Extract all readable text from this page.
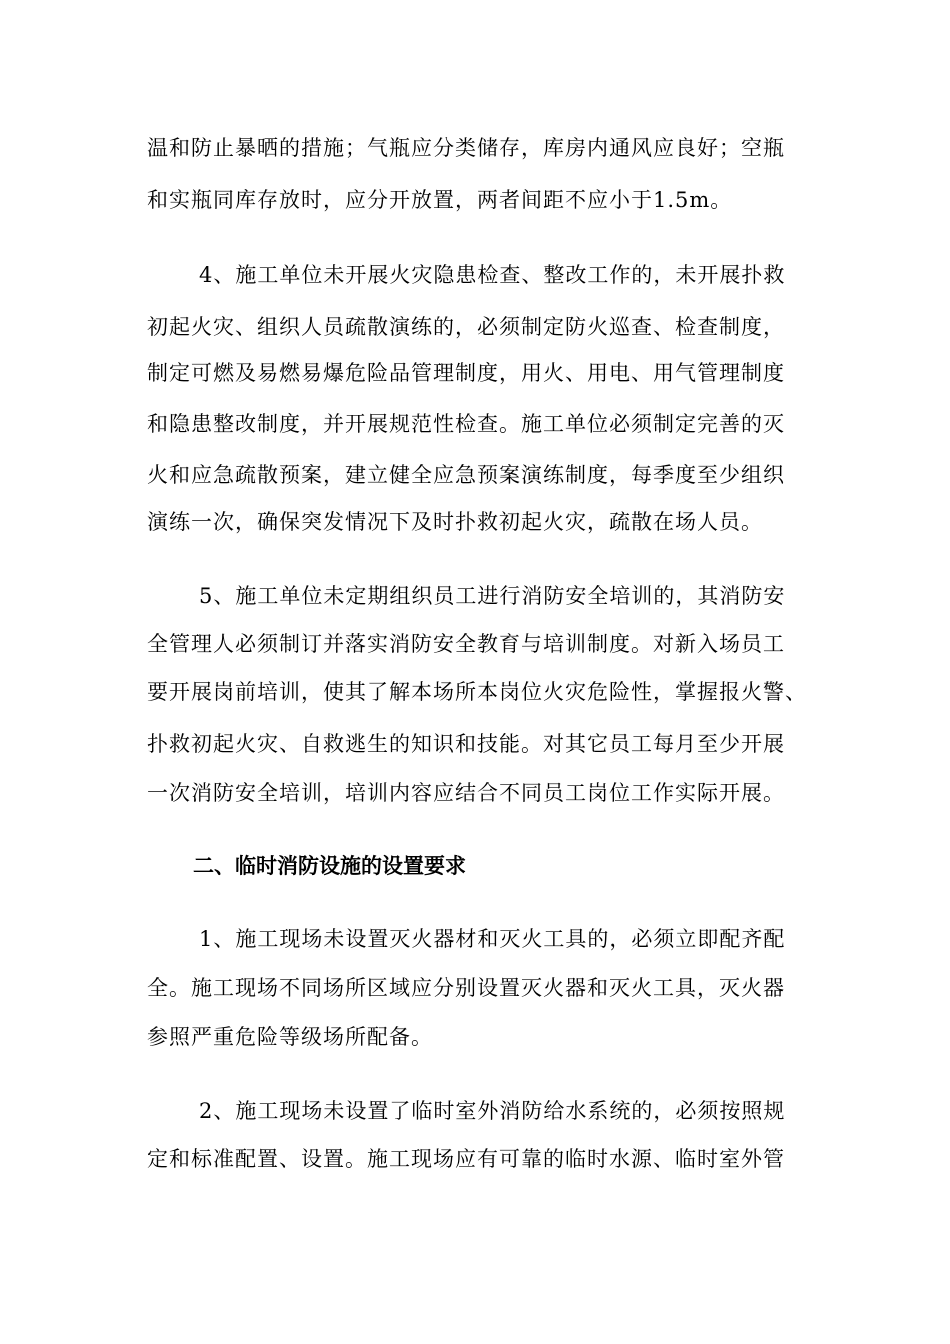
温和防止暴晒的措施；气瓶应分类储存，库房内通风应良好；空瓶
和实瓶同库存放时，应分开放置，两者间距不应小于1.5m。
4、施工单位未开展火灾隐患检查、整改工作的，未开展扑救
初起火灾、组织人员疏散演练的，必须制定防火巡查、检查制度，
制定可燃及易燃易爆危险品管理制度，用火、用电、用气管理制度
和隐患整改制度，并开展规范性检查。施工单位必须制定完善的灭
火和应急疏散预案，建立健全应急预案演练制度，每季度至少组织
演练一次，确保突发情况下及时扑救初起火灾，疏散在场人员。
5、施工单位未定期组织员工进行消防安全培训的，其消防安
全管理人必须制订并落实消防安全教育与培训制度。对新入场员工
要开展岗前培训，使其了解本场所本岗位火灾危险性，掌握报火警、
扑救初起火灾、自救逃生的知识和技能。对其它员工每月至少开展
一次消防安全培训，培训内容应结合不同员工岗位工作实际开展。
二、临时消防设施的设置要求
1、施工现场未设置灭火器材和灭火工具的，必须立即配齐配
全。施工现场不同场所区域应分别设置灭火器和灭火工具，灭火器
参照严重危险等级场所配备。
2、施工现场未设置了临时室外消防给水系统的，必须按照规
定和标准配置、设置。施工现场应有可靠的临时水源、临时室外管
